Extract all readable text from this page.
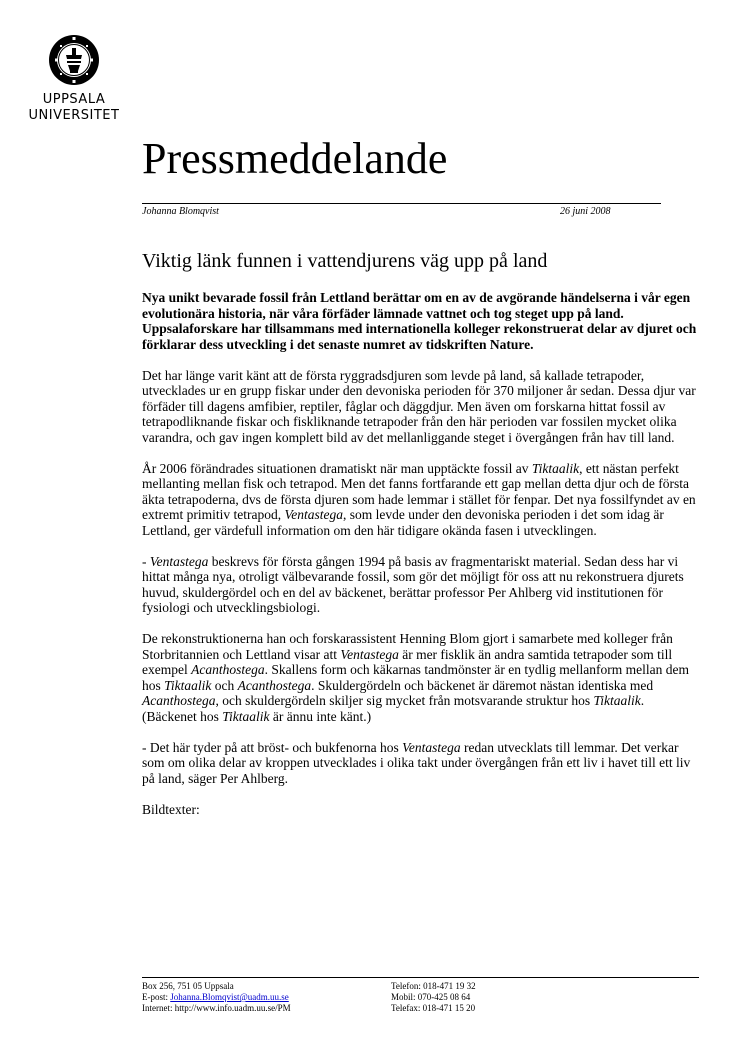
UPPSALA
UNIVERSITET
Pressmeddelande
Johanna Blomqvist	26 juni 2008
Viktig länk funnen i vattendjurens väg upp på land

Nya unikt bevarade fossil från Lettland berättar om en av de avgörande händelserna i vår egen evolutionära historia, när våra förfäder lämnade vattnet och tog steget upp på land. Uppsalaforskare har tillsammans med internationella kolleger rekonstruerat delar av djuret och förklarar dess utveckling i det senaste numret av tidskriften Nature.

Det har länge varit känt att de första ryggradsdjuren som levde på land, så kallade tetrapoder, utvecklades ur en grupp fiskar under den devoniska perioden för 370 miljoner år sedan. Dessa djur var förfäder till dagens amfibier, reptiler, fåglar och däggdjur. Men även om forskarna hittat fossil av tetrapodliknande fiskar och fiskliknande tetrapoder från den här perioden var fossilen mycket olika varandra, och gav ingen komplett bild av det mellanliggande steget i övergången från hav till land.

År 2006 förändrades situationen dramatiskt när man upptäckte fossil av Tiktaalik, ett nästan perfekt mellanting mellan fisk och tetrapod. Men det fanns fortfarande ett gap mellan detta djur och de första äkta tetrapoderna, dvs de första djuren som hade lemmar i stället för fenpar. Det nya fossilfyndet av en extremt primitiv tetrapod, Ventastega, som levde under den devoniska perioden i det som idag är Lettland, ger värdefull information om den här tidigare okända fasen i utvecklingen.

- Ventastega beskrevs för första gången 1994 på basis av fragmentariskt material. Sedan dess har vi hittat många nya, otroligt välbevarande fossil, som gör det möjligt för oss att nu rekonstruera djurets huvud, skuldergördel och en del av bäckenet, berättar professor Per Ahlberg vid institutionen för fysiologi och utvecklingsbiologi.

De rekonstruktionerna han och forskarassistent Henning Blom gjort i samarbete med kolleger från Storbritannien och Lettland visar att Ventastega är mer fisklik än andra samtida tetrapoder som till exempel Acanthostega. Skallens form och käkarnas tandmönster är en tydlig mellanform mellan dem hos Tiktaalik och Acanthostega. Skuldergördeln och bäckenet är däremot nästan identiska med Acanthostega, och skuldergördeln skiljer sig mycket från motsvarande struktur hos Tiktaalik. (Bäckenet hos Tiktaalik är ännu inte känt.)

- Det här tyder på att bröst- och bukfenorna hos Ventastega redan utvecklats till lemmar. Det verkar som om olika delar av kroppen utvecklades i olika takt under övergången från ett liv i havet till ett liv på land, säger Per Ahlberg.

Bildtexter:

Box 256, 751 05 Uppsala
E-post: Johanna.Blomqvist@uadm.uu.se
Internet: http://www.info.uadm.uu.se/PM
Telefon: 018-471 19 32
Mobil: 070-425 08 64
Telefax: 018-471 15 20
